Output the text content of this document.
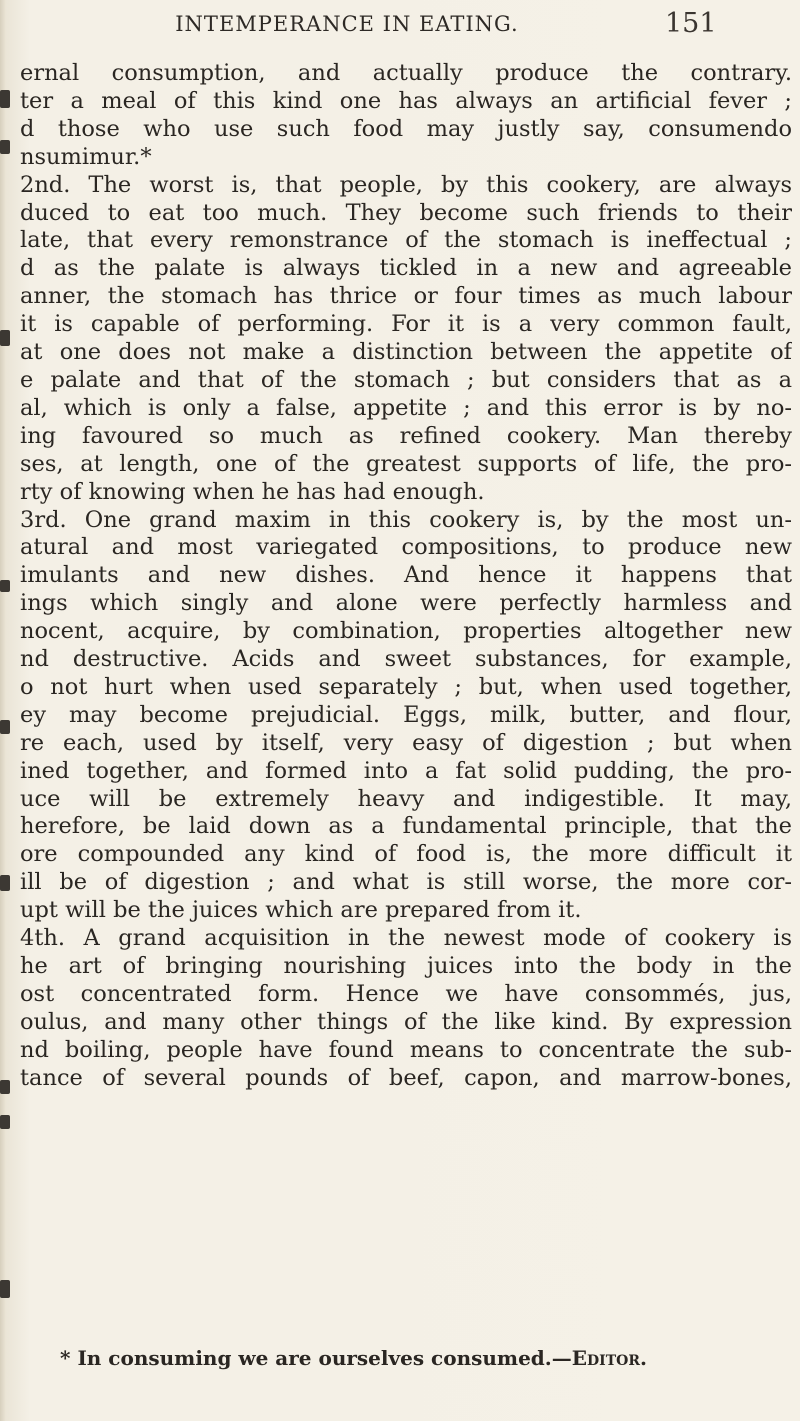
INTEMPERANCE IN EATING.	151
ernal consumption, and actually produce the contrary.
ter a meal of this kind one has always an artificial fever ;
d those who use such food may justly say, consumendo
nsumimur.*
2nd. The worst is, that people, by this cookery, are always
duced to eat too much. They become such friends to their
late, that every remonstrance of the stomach is ineffectual ;
d as the palate is always tickled in a new and agreeable
anner, the stomach has thrice or four times as much labour
it is capable of performing. For it is a very common fault,
at one does not make a distinction between the appetite of
e palate and that of the stomach ; but considers that as a
al, which is only a false, appetite ; and this error is by no-
ing favoured so much as refined cookery. Man thereby
ses, at length, one of the greatest supports of life, the pro-
rty of knowing when he has had enough.
3rd. One grand maxim in this cookery is, by the most un-
atural and most variegated compositions, to produce new
imulants and new dishes. And hence it happens that
ings which singly and alone were perfectly harmless and
nocent, acquire, by combination, properties altogether new
nd destructive. Acids and sweet substances, for example,
o not hurt when used separately ; but, when used together,
ey may become prejudicial. Eggs, milk, butter, and flour,
re each, used by itself, very easy of digestion ; but when
ined together, and formed into a fat solid pudding, the pro-
uce will be extremely heavy and indigestible. It may,
herefore, be laid down as a fundamental principle, that the
ore compounded any kind of food is, the more difficult it
ill be of digestion ; and what is still worse, the more cor-
upt will be the juices which are prepared from it.
4th. A grand acquisition in the newest mode of cookery is
he art of bringing nourishing juices into the body in the
ost concentrated form. Hence we have consommés, jus,
oulus, and many other things of the like kind. By expression
nd boiling, people have found means to concentrate the sub-
tance of several pounds of beef, capon, and marrow-bones,
* In consuming we are ourselves consumed.—Editor.
